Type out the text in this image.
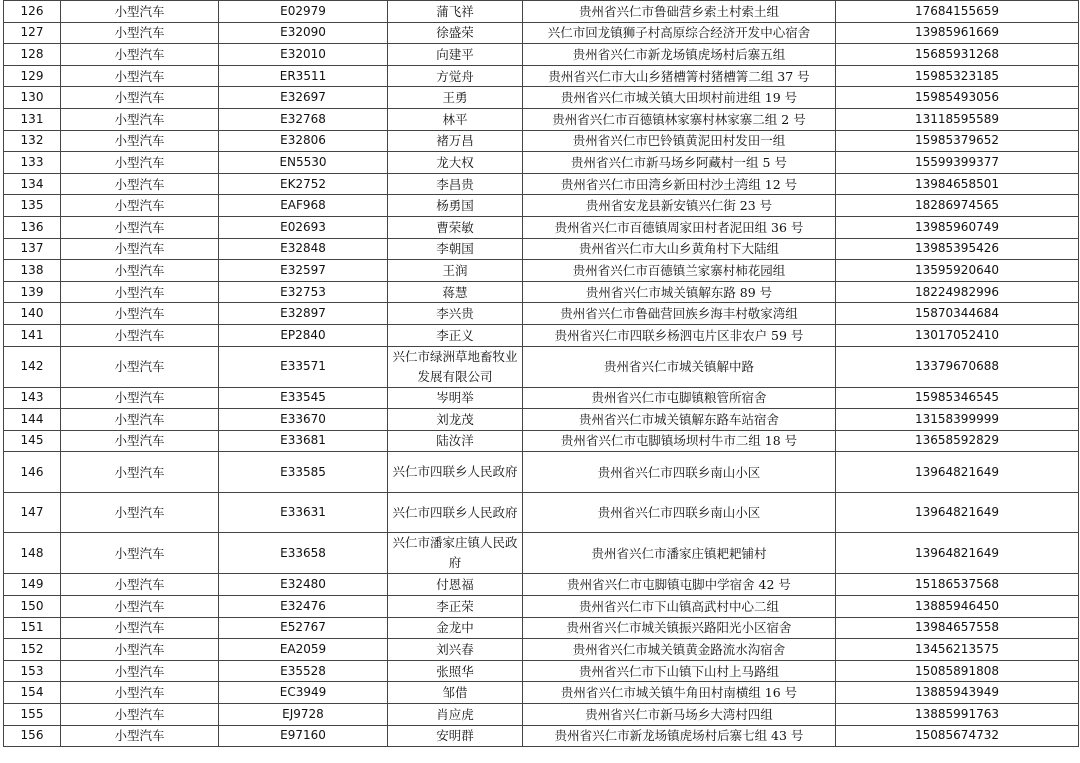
126	小型汽车	E02979	蒲飞祥	贵州省兴仁市鲁础营乡索土村索土组	17684155659
127	小型汽车	E32090	徐盛荣	兴仁市回龙镇狮子村高原综合经济开发中心宿舍	13985961669
128	小型汽车	E32010	向建平	贵州省兴仁市新龙场镇虎场村后寨五组	15685931268
129	小型汽车	ER3511	方觉舟	贵州省兴仁市大山乡猪槽箐村猪槽箐二组 37 号	15985323185
130	小型汽车	E32697	王勇	贵州省兴仁市城关镇大田坝村前进组 19 号	15985493056
131	小型汽车	E32768	林平	贵州省兴仁市百德镇林家寨村林家寨二组 2 号	13118595589
132	小型汽车	E32806	褚万昌	贵州省兴仁市巴铃镇黄泥田村发田一组	15985379652
133	小型汽车	EN5530	龙大权	贵州省兴仁市新马场乡阿藏村一组 5 号	15599399377
134	小型汽车	EK2752	李昌贵	贵州省兴仁市田湾乡新田村沙土湾组 12 号	13984658501
135	小型汽车	EAF968	杨勇国	贵州省安龙县新安镇兴仁街 23 号	18286974565
136	小型汽车	E02693	曹荣敏	贵州省兴仁市百德镇周家田村者泥田组 36 号	13985960749
137	小型汽车	E32848	李朝国	贵州省兴仁市大山乡黄角村下大陆组	13985395426
138	小型汽车	E32597	王润	贵州省兴仁市百德镇兰家寨村柿花园组	13595920640
139	小型汽车	E32753	蒋慧	贵州省兴仁市城关镇解东路 89 号	18224982996
140	小型汽车	E32897	李兴贵	贵州省兴仁市鲁础营回族乡海丰村敬家湾组	15870344684
141	小型汽车	EP2840	李正义	贵州省兴仁市四联乡杨泗屯片区非农户 59 号	13017052410
142	小型汽车	E33571	兴仁市绿洲草地畜牧业发展有限公司	贵州省兴仁市城关镇解中路	13379670688
143	小型汽车	E33545	岑明举	贵州省兴仁市屯脚镇粮管所宿舍	15985346545
144	小型汽车	E33670	刘龙茂	贵州省兴仁市城关镇解东路车站宿舍	13158399999
145	小型汽车	E33681	陆汝洋	贵州省兴仁市屯脚镇场坝村牛市二组 18 号	13658592829
146	小型汽车	E33585	兴仁市四联乡人民政府	贵州省兴仁市四联乡南山小区	13964821649
147	小型汽车	E33631	兴仁市四联乡人民政府	贵州省兴仁市四联乡南山小区	13964821649
148	小型汽车	E33658	兴仁市潘家庄镇人民政府	贵州省兴仁市潘家庄镇耙耙铺村	13964821649
149	小型汽车	E32480	付恩福	贵州省兴仁市屯脚镇屯脚中学宿舍 42 号	15186537568
150	小型汽车	E32476	李正荣	贵州省兴仁市下山镇高武村中心二组	13885946450
151	小型汽车	E52767	金龙中	贵州省兴仁市城关镇振兴路阳光小区宿舍	13984657558
152	小型汽车	EA2059	刘兴春	贵州省兴仁市城关镇黄金路流水沟宿舍	13456213575
153	小型汽车	E35528	张照华	贵州省兴仁市下山镇下山村上马路组	15085891808
154	小型汽车	EC3949	邹借	贵州省兴仁市城关镇牛角田村南横组 16 号	13885943949
155	小型汽车	EJ9728	肖应虎	贵州省兴仁市新马场乡大湾村四组	13885991763
156	小型汽车	E97160	安明群	贵州省兴仁市新龙场镇虎场村后寨七组 43 号	15085674732
